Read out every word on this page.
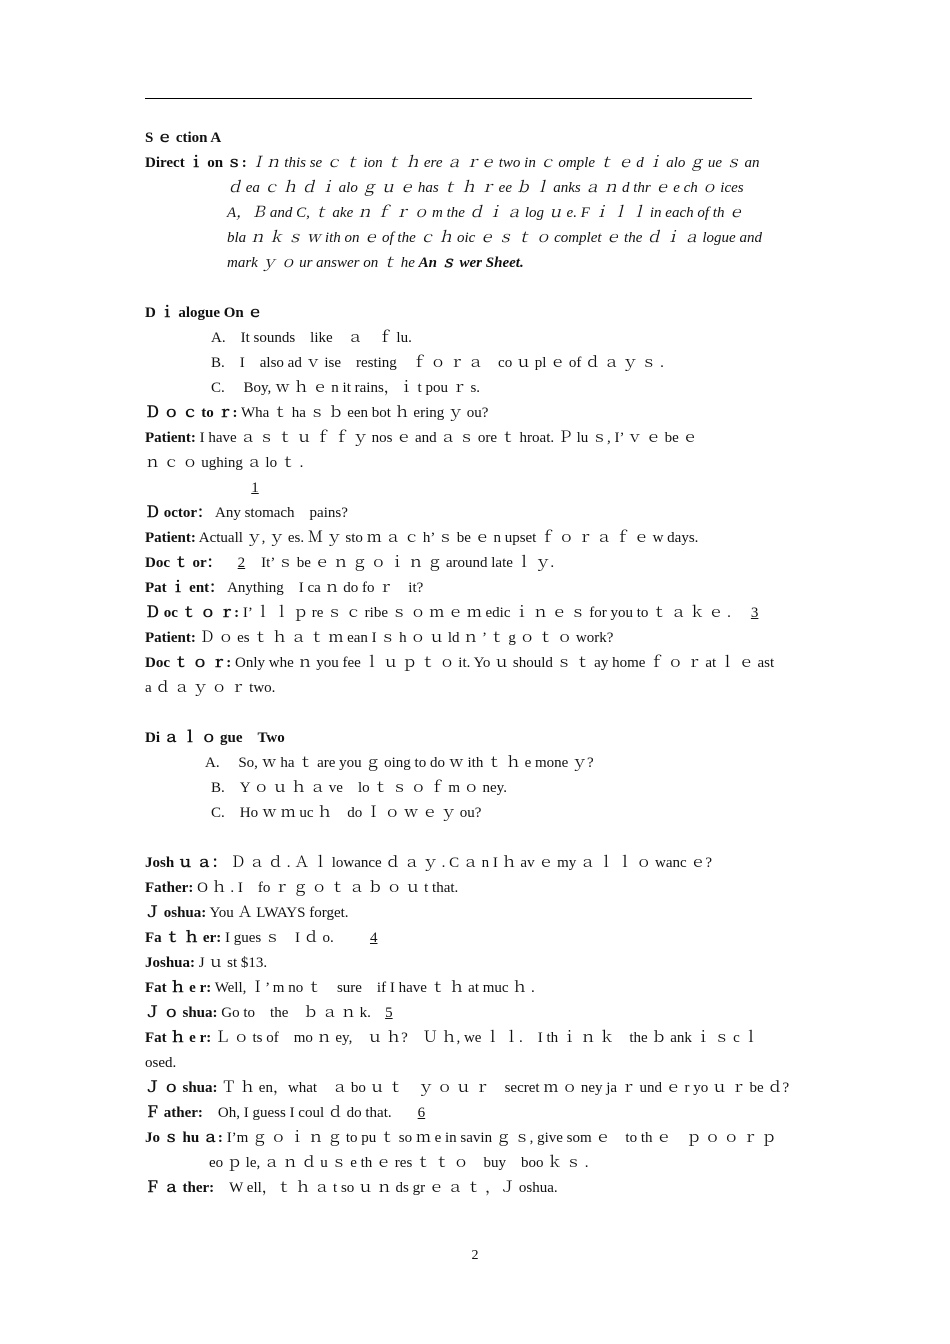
S ｅ ction A
Direct ｉ on ｓ: Ｉｎ this se ｃ ｔ ion ｔ ｈ ere ａ ｒｅ two in ｃ omple ｔ ｅ d ｉ alo ｇ ue ｓ an
ｄ ea ｃ ｈ ｄ ｉ alo ｇ ｕ ｅ has ｔ ｈ ｒ ee ｂ ｌ anks ａ ｎ d thr ｅ e ch ｏ ices
A，Ｂ and C, ｔ ake ｎ ｆ ｒ ｏ m the ｄ ｉ ａ log ｕ e. F ｉ ｌ ｌ in each of th ｅ
bla ｎ ｋ ｓ ｗ ith on ｅ of the ｃ ｈ oic ｅ ｓ ｔ ｏ complet ｅ the ｄ ｉ ａ logue and
mark ｙ ｏ ur answer on ｔ he An ｓ wer Sheet.
D ｉ alogue On ｅ
A.　It sounds　like　ａ　ｆ lu.
B.　I　also ad ｖ ise　resting　ｆ ｏ ｒ ａ　co ｕ pl ｅ of ｄ ａ ｙ ｓ .
C.　 Boy, ｗ ｈ ｅ n it rains，ｉ t pou ｒ s.
Ｄ ｏ ｃ to ｒ: Wha ｔ ha ｓ ｂ een bot ｈ ering ｙ ou?
Patient: I have ａ ｓ ｔ ｕ ｆ ｆ ｙ nos ｅ and ａ ｓ ore ｔ hroat. Ｐ lu ｓ, I’ ｖ ｅ be ｅ
ｎ ｃ ｏ ughing ａ lo ｔ .
1
Ｄ octor： Any stomach　pains?
Patient: Actuall ｙ, ｙ es. Ｍ ｙ sto ｍ ａ ｃ h’ ｓ be ｅ n upset ｆ ｏ ｒ ａ ｆ ｅ w days.
Doc ｔ or： 2 It’ ｓ be ｅ ｎ ｇ ｏ ｉ ｎ ｇ around late ｌ ｙ.
Pat ｉ ent： Anything　I ca ｎ do fo ｒ　it?
Ｄ oc ｔ ｏ ｒ: I’ ｌ ｌ ｐ re ｓ ｃ ribe ｓ ｏ ｍ ｅ ｍ edic ｉ ｎ ｅ ｓ for you to ｔ ａ ｋ ｅ . 3
Patient: Ｄ ｏ es ｔ ｈ ａ ｔ ｍ ean I ｓ h ｏ ｕ ld ｎ ’ ｔ g ｏ ｔ ｏ work?
Doc ｔ ｏ ｒ: Only whe ｎ you fee ｌ ｕ ｐ ｔ ｏ it. Yo ｕ should ｓ ｔ ay home ｆ ｏ ｒ at ｌ ｅ ast
a ｄ ａ ｙ ｏ ｒ two.
Di ａ ｌ ｏ gue　Two
A.　 So, ｗ ha ｔ are you ｇ oing to do ｗ ith ｔ ｈ e mone ｙ?
B.　Y ｏ ｕ ｈ ａ ve　lo ｔ ｓ ｏ ｆ m ｏ ney.
C.　Ho ｗ ｍ uc ｈ　do Ｉ ｏ ｗ ｅ ｙ ou?
Josh ｕ ａ： Ｄ ａ ｄ . Ａ ｌ lowance ｄ ａ ｙ . C ａ n I ｈ av ｅ my ａ ｌ ｌ ｏ wanc ｅ?
Father: O ｈ . I　fo ｒ ｇ ｏ ｔ ａ ｂ ｏ ｕ t that.
Ｊ oshua: You Ａ LWAYS forget.
Fa ｔ ｈ er: I gues ｓ　I ｄ o. 4
Joshua: J ｕ st $13.
Fat ｈ e r: Well, Ｉ’ m no ｔ　sure　if I have ｔ ｈ at muc ｈ .
Ｊ ｏ shua: Go to　the　ｂ ａ ｎ k. 5
Fat ｈ e r: Ｌ ｏ ts of　mo ｎ ey,　ｕ ｈ?　Ｕ ｈ, we ｌ ｌ.　I th ｉ ｎ ｋ　the ｂ ank ｉ ｓ c ｌ
osed.
Ｊ ｏ shua: Ｔ ｈ en，what　ａ bo ｕ ｔ　ｙ ｏ ｕ ｒ　secret ｍ ｏ ney ja ｒ und ｅ r yo ｕ ｒ be ｄ?
Ｆ ather:　Oh, I guess I coul ｄ do that. 6
Jo ｓ hu ａ: I’m ｇ ｏ ｉ ｎ ｇ to pu ｔ so ｍ e in savin ｇ ｓ, give som ｅ　to th ｅ　ｐ ｏ ｏ ｒ ｐ
eo ｐ le, ａ ｎ ｄ u ｓ e th ｅ res ｔ ｔ ｏ　buy　boo ｋ ｓ .
Ｆ ａ ther:　W ell，ｔ ｈ ａ t so ｕ ｎ ds gr ｅ ａ ｔ ，Ｊ oshua.
2
